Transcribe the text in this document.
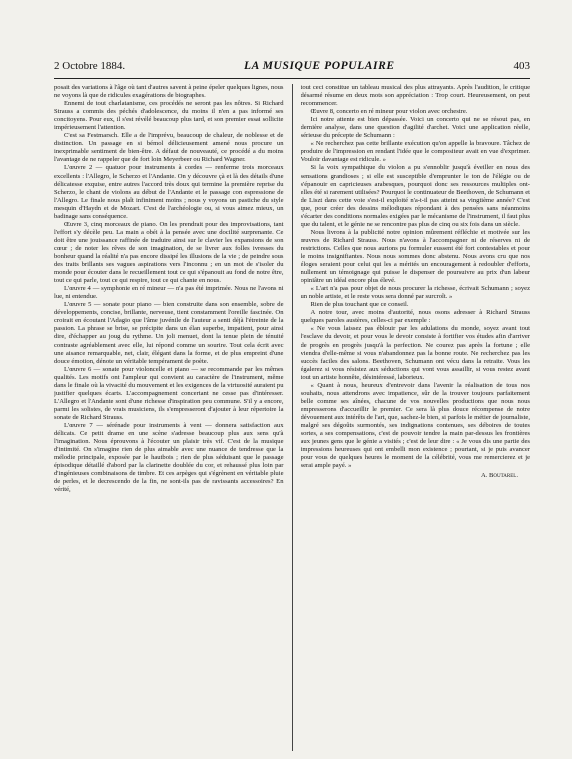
2 Octobre 1884.	LA MUSIQUE POPULAIRE	403

posait des variations à l'âge où tant d'autres savent à peine épeler quelques lignes, nous ne voyons là que de ridicules exagérations de biographes.

Ennemi de tout charlatanisme, ces procédés ne seront pas les nôtres. Si Richard Strauss a commis des péchés d'adolescence, du moins il n'en a pas informé ses concitoyens. Pour eux, il s'est révélé beaucoup plus tard, et son premier essai sollicite impérieusement l'attention.

C'est sa Festmarsch. Elle a de l'imprévu, beaucoup de chaleur, de noblesse et de distinction. Un passage en si bémol délicieusement amené nous procure un inexprimable sentiment de bien-être. A défaut de nouveauté, ce procédé a du moins l'avantage de ne rappeler que de fort loin Meyerbeer ou Richard Wagner.

L'œuvre 2 — quatuor pour instruments à cordes — renferme trois morceaux excellents : l'Allegro, le Scherzo et l'Andante. On y découvre çà et là des détails d'une délicatesse exquise, entre autres l'accord très doux qui termine la première reprise du Scherzo, le chant de violons au début de l'Andante et le passage con espressione de l'Allegro. Le finale nous plaît infiniment moins ; nous y voyons un pastiche du style mesquin d'Haydn et de Mozart. C'est de l'archéologie ou, si vous aimez mieux, un badinage sans conséquence.

Œuvre 3, cinq morceaux de piano. On les prendrait pour des improvisations, tant l'effort s'y décèle peu. La main a obéi à la pensée avec une docilité surprenante. Ce doit être une jouissance raffinée de traduire ainsi sur le clavier les expansions de son cœur ; de noter les rêves de son imagination, de se livrer aux folles ivresses du bonheur quand la réalité n'a pas encore dissipé les illusions de la vie ; de peindre sous des traits brillants ses vagues aspirations vers l'inconnu ; en un mot de s'isoler du monde pour écouter dans le recueillement tout ce qui s'épanouit au fond de notre être, tout ce qui parle, tout ce qui respire, tout ce qui chante en nous.

L'œuvre 4 — symphonie en ré mineur — n'a pas été imprimée. Nous ne l'avons ni lue, ni entendue.

L'œuvre 5 — sonate pour piano — bien construite dans son ensemble, sobre de développements, concise, brillante, nerveuse, tient constamment l'oreille fascinée. On croirait en écoutant l'Adagio que l'âme juvénile de l'auteur a senti déjà l'étreinte de la passion. La phrase se brise, se précipite dans un élan superbe, impatient, pour ainsi dire, d'échapper au joug du rythme. Un joli menuet, dont la tenue plein de ténuité contraste agréablement avec elle, lui répond comme un sourire. Tout cela écrit avec une aisance remarquable, net, clair, élégant dans la forme, et de plus empreint d'une douce émotion, dénote un véritable tempérament de poète.

L'œuvre 6 — sonate pour violoncelle et piano — se recommande par les mêmes qualités. Les motifs ont l'ampleur qui convient au caractère de l'instrument, même dans le finale où la vivacité du mouvement et les exigences de la virtuosité auraient pu justifier quelques écarts. L'accompagnement concertant ne cesse pas d'intéresser. L'Allegro et l'Andante sont d'une richesse d'inspiration peu commune. S'il y a encore, parmi les solistes, de vrais musiciens, ils s'empresseront d'ajouter à leur répertoire la sonate de Richard Strauss.

L'œuvre 7 — sérénade pour instruments à vent — donnera satisfaction aux délicats. Ce petit drame en une scène s'adresse beaucoup plus aux sens qu'à l'imagination. Nous éprouvons à l'écouter un plaisir très vif. C'est de la musique d'intimité. On s'imagine rien de plus aimable avec une nuance de tendresse que la mélodie principale, exposée par le hautbois ; rien de plus séduisant que le passage épisodique détaillé d'abord par la clarinette doublée du cor, et rehaussé plus loin par d'ingénieuses combinaisons de timbre. Et ces arpèges qui s'égrènent en véritable pluie de perles, et le decrescendo de la fin, ne sont-ils pas de ravissants accessoires? En vérité,

tout ceci constitue un tableau musical des plus attrayants. Après l'audition, le critique désarmé résume en deux mots son appréciation : Trop court. Heureusement, on peut recommencer.

Œuvre 8, concerto en ré mineur pour violon avec orchestre.

Ici notre attente est bien dépassée. Voici un concerto qui ne se résout pas, en dernière analyse, dans une question d'agilité d'archet. Voici une application réelle, sérieuse du précepte de Schumann :

« Ne recherchez pas cette brillante exécution qu'on appelle la bravoure. Tâchez de produire de l'impression en rendant l'idée que le compositeur avait en vue d'exprimer. Vouloir davantage est ridicule. »

Si la voix sympathique du violon a pu s'ennoblir jusqu'à éveiller en nous des sensations grandioses ; si elle est susceptible d'emprunter le ton de l'élégie ou de s'épanouir en capricieuses arabesques, pourquoi donc ses ressources multiples ont-elles été si rarement utilisées? Pourquoi le continuateur de Beethoven, de Schumann et de Liszt dans cette voie s'est-il exploité n'a-t-il pas atteint sa vingtième année? C'est que, pour créer des dessins mélodiques répondant à des pensées sans néanmoins s'écarter des conditions normales exigées par le mécanisme de l'instrument, il faut plus que du talent, et le génie ne se rencontre pas plus de cinq ou six fois dans un siècle.

Nous livrons à la publicité notre opinion mûrement réfléchie et motivée sur les œuvres de Richard Strauss. Nous n'avons à l'accompagner ni de réserves ni de restrictions. Celles que nous aurions pu formuler eussent été fort contestables et pour le moins insignifiantes. Nous nous sommes donc abstenu. Nous avons cru que nos éloges seraient pour celui qui les a mérités un encouragement à redoubler d'efforts, nullement un témoignage qui puisse le dispenser de poursuivre au prix d'un labeur opiniâtre un idéal encore plus élevé.

« L'art n'a pas pour objet de nous procurer la richesse, écrivait Schumann ; soyez un noble artiste, et le reste vous sera donné par surcroît. »

Rien de plus touchant que ce conseil.

A notre tour, avec moins d'autorité, nous osons adresser à Richard Strauss quelques paroles austères, celles-ci par exemple :

« Ne vous laissez pas éblouir par les adulations du monde, soyez avant tout l'esclave du devoir, et pour vous le devoir consiste à fortifier vos études afin d'arriver de progrès en progrès jusqu'à la perfection. Ne courez pas après la fortune ; elle viendra d'elle-même si vous n'abandonnez pas la bonne route. Ne recherchez pas les succès faciles des salons. Beethoven, Schumann ont vécu dans la retraite. Vous les égalerez si vous résistez aux séductions qui vont vous assaillir, si vous restez avant tout un artiste honnête, désintéressé, laborieux.

« Quant à nous, heureux d'entrevoir dans l'avenir la réalisation de tous nos souhaits, nous attendrons avec impatience, sûr de la trouver toujours parfaitement belle comme ses aînées, chacune de vos nouvelles productions que nous nous empresserons d'accueillir le premier. Ce sera là plus douce récompense de notre dévouement aux intérêts de l'art, que, sachez-le bien, si parfois le métier de journaliste, malgré ses dégoûts surmontés, ses indignations contenues, ses déboires de toutes sortes, a ses compensations, c'est de pouvoir tendre la main par-dessus les frontières aux jeunes gens que le génie a visités ; c'est de leur dire : « Je vous dis une partie des impressions heureuses qui ont embelli mon existence ; pourtant, si je puis avancer pour vous de quelques heures le moment de la célébrité, vous me remercierez et je serai ample payé. »

A. Boutarel.
